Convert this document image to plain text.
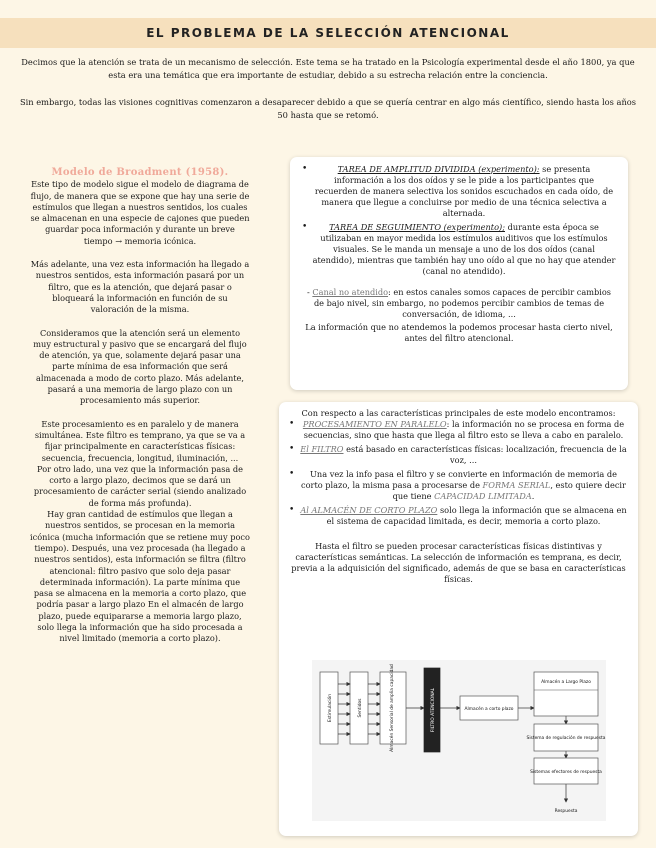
EL PROBLEMA DE LA SELECCIÓN ATENCIONAL

Decimos que la atención se trata de un mecanismo de selección. Este tema se ha tratado en la Psicología experimental desde el año 1800, ya que esta era una temática que era importante de estudiar, debido a su estrecha relación entre la conciencia.

Sin embargo, todas las visiones cognitivas comenzaron a desaparecer debido a que se quería centrar en algo más científico, siendo hasta los años 50 hasta que se retomó.

Modelo de Broadment (1958).

Este tipo de modelo sigue el modelo de diagrama de flujo, de manera que se expone que hay una serie de estímulos que llegan a nuestros sentidos, los cuales se almacenan en una especie de cajones que pueden guardar poca información y durante un breve tiempo → memoria icónica.

Más adelante, una vez esta información ha llegado a nuestros sentidos, esta información pasará por un filtro, que es la atención, que dejará pasar o bloqueará la información en función de su valoración de la misma.

Consideramos que la atención será un elemento muy estructural y pasivo que se encargará del flujo de atención, ya que, solamente dejará pasar una parte mínima de esa información que será almacenada a modo de corto plazo. Más adelante, pasará a una memoria de largo plazo con un procesamiento más superior.

Este procesamiento es en paralelo y de manera simultánea. Este filtro es temprano, ya que se va a fijar principalmente en características físicas: secuencia, frecuencia, longitud, iluminación, ...

Por otro lado, una vez que la información pasa de corto a largo plazo, decimos que se dará un procesamiento de carácter serial (siendo analizado de forma más profunda).

Hay gran cantidad de estímulos que llegan a nuestros sentidos, se procesan en la memoria icónica (mucha información que se retiene muy poco tiempo). Después, una vez procesada (ha llegado a nuestros sentidos), esta información se filtra (filtro atencional: filtro pasivo que solo deja pasar determinada información). La parte mínima que pasa se almacena en la memoria a corto plazo, que podría pasar a largo plazo En el almacén de largo plazo, puede equipararse a memoria largo plazo, solo llega la información que ha sido procesada a nivel limitado (memoria a corto plazo).

• TAREA DE AMPLITUD DIVIDIDA (experimento): se presenta información a los dos oídos y se le pide a los participantes que recuerden de manera selectiva los sonidos escuchados en cada oído, de manera que llegue a concluirse por medio de una técnica selectiva a alternada.
• TAREA DE SEGUIMIENTO (experimento); durante esta época se utilizaban en mayor medida los estímulos auditivos que los estímulos visuales. Se le manda un mensaje a uno de los dos oídos (canal atendido), mientras que también hay uno oído al que no hay que atender (canal no atendido).

- Canal no atendido: en estos canales somos capaces de percibir cambios de bajo nivel, sin embargo, no podemos percibir cambios de temas de conversación, de idioma, ...

La información que no atendemos la podemos procesar hasta cierto nivel, antes del filtro atencional.

Con respecto a las características principales de este modelo encontramos:

• PROCESAMIENTO EN PARALELO: la información no se procesa en forma de secuencias, sino que hasta que llega al filtro esto se lleva a cabo en paralelo.
• El FILTRO está basado en características físicas: localización, frecuencia de la voz, ...
• Una vez la info pasa el filtro y se convierte en información de memoria de corto plazo, la misma pasa a procesarse de FORMA SERIAL, esto quiere decir que tiene CAPACIDAD LIMITADA.
• Al ALMACÉN DE CORTO PLAZO solo llega la información que se almacena en el sistema de capacidad limitada, es decir, memoria a corto plazo.

Hasta el filtro se pueden procesar características físicas distintivas y características semánticas. La selección de información es temprana, es decir, previa a la adquisición del significado, además de que se basa en características físicas.

Estimulación	Sentidos	Almacén Sensorial de amplia capacidad	FILTRO ATENCIONAL	Almacén a corto plazo
Almacén a Largo Plazo
Sistema de regulación de respuesta
Sistemas efectores de respuesta
Respuesta
